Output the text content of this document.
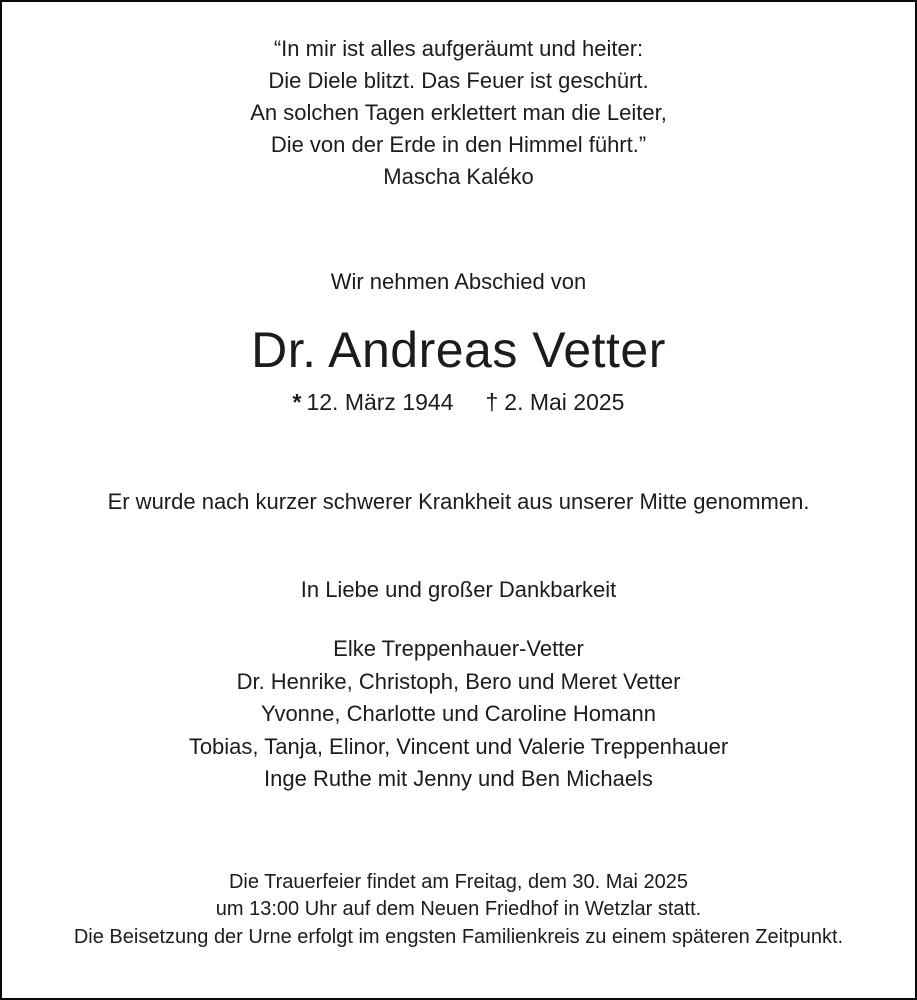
“In mir ist alles aufgeräumt und heiter:
Die Diele blitzt. Das Feuer ist geschürt.
An solchen Tagen erklettert man die Leiter,
Die von der Erde in den Himmel führt.”
Mascha Kaléko
Wir nehmen Abschied von
Dr. Andreas Vetter
* 12. März 1944 † 2. Mai 2025
Er wurde nach kurzer schwerer Krankheit aus unserer Mitte genommen.
In Liebe und großer Dankbarkeit
Elke Treppenhauer-Vetter
Dr. Henrike, Christoph, Bero und Meret Vetter
Yvonne, Charlotte und Caroline Homann
Tobias, Tanja, Elinor, Vincent und Valerie Treppenhauer
Inge Ruthe mit Jenny und Ben Michaels
Die Trauerfeier findet am Freitag, dem 30. Mai 2025
um 13:00 Uhr auf dem Neuen Friedhof in Wetzlar statt.
Die Beisetzung der Urne erfolgt im engsten Familienkreis zu einem späteren Zeitpunkt.
